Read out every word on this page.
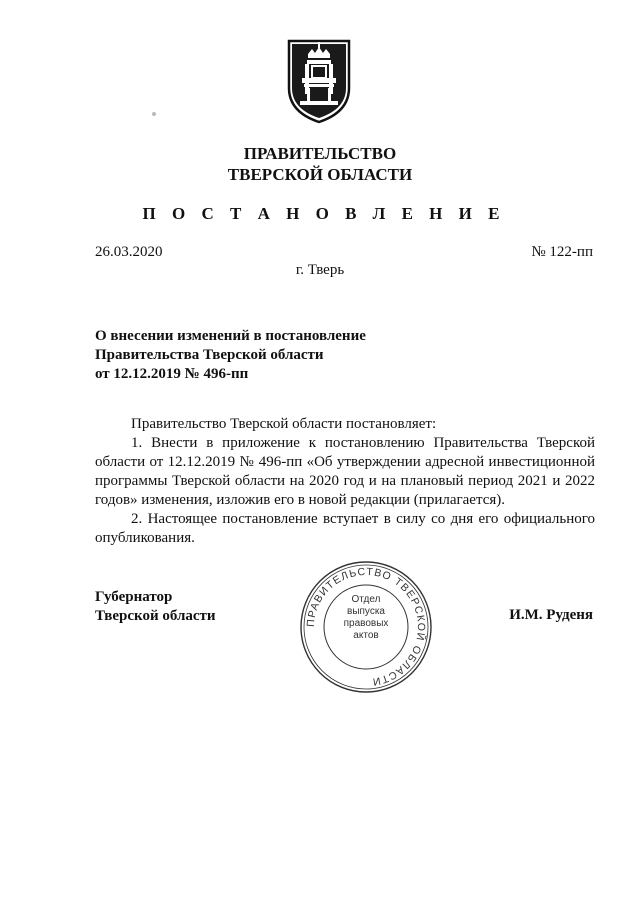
ПРАВИТЕЛЬСТВО
ТВЕРСКОЙ ОБЛАСТИ
П О С Т А Н О В Л Е Н И Е
26.03.2020	№ 122-пп
г. Тверь
О внесении изменений в постановление
Правительства Тверской области
от 12.12.2019 № 496-пп

Правительство Тверской области постановляет:

1. Внести в приложение к постановлению Правительства Тверской области от 12.12.2019 № 496-пп «Об утверждении адресной инвестиционной программы Тверской области на 2020 год и на плановый период 2021 и 2022 годов» изменения, изложив его в новой редакции (прилагается).

2. Настоящее постановление вступает в силу со дня его официального опубликования.

Губернатор
Тверской области	И.М. Руденя
ПРАВИТЕЛЬСТВО ТВЕРСКОЙ ОБЛАСТИ
Отдел
выпуска
правовых
актов
